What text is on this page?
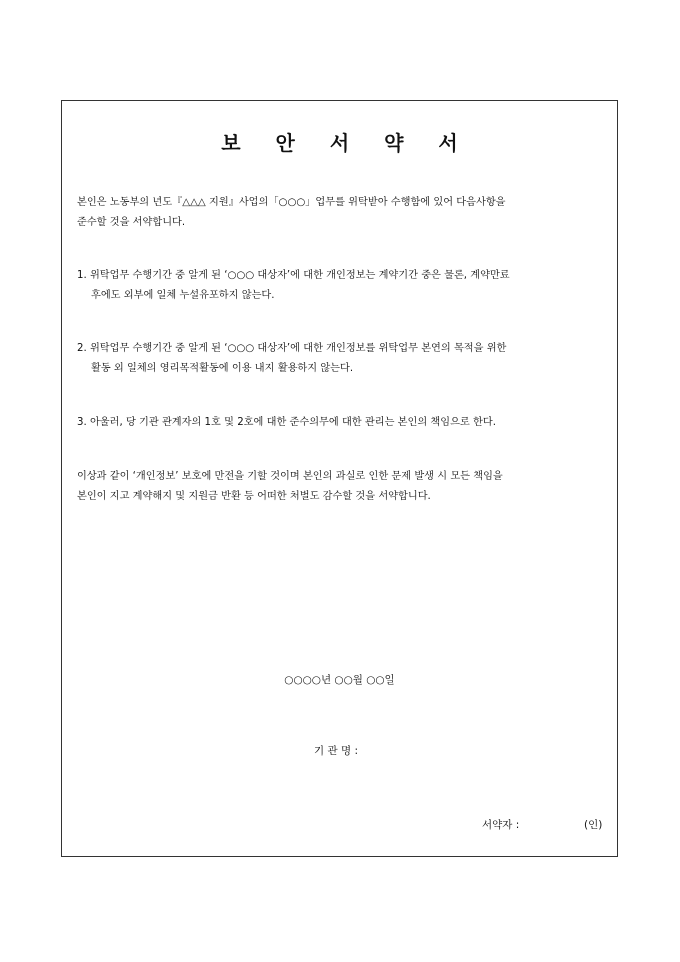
보 안 서 약 서
본인은 노동부의 년도『△△△ 지원』사업의「○○○」업무를 위탁받아 수행함에 있어 다음사항을
준수할 것을 서약합니다.
1. 위탁업무 수행기간 중 알게 된 ‘○○○ 대상자’에 대한 개인정보는 계약기간 중은 물론, 계약만료
후에도 외부에 일체 누설유포하지 않는다.
2. 위탁업무 수행기간 중 알게 된 ‘○○○ 대상자’에 대한 개인정보를 위탁업무 본연의 목적을 위한
활동 외 일체의 영리목적활동에 이용 내지 활용하지 않는다.
3. 아울러, 당 기관 관계자의 1호 및 2호에 대한 준수의무에 대한 관리는 본인의 책임으로 한다.
이상과 같이 ‘개인정보’ 보호에 만전을 기할 것이며 본인의 과실로 인한 문제 발생 시 모든 책임을
본인이 지고 계약해지 및 지원금 반환 등 어떠한 처벌도 감수할 것을 서약합니다.
○○○○년 ○○월 ○○일
기 관 명 :
서약자 :	(인)
